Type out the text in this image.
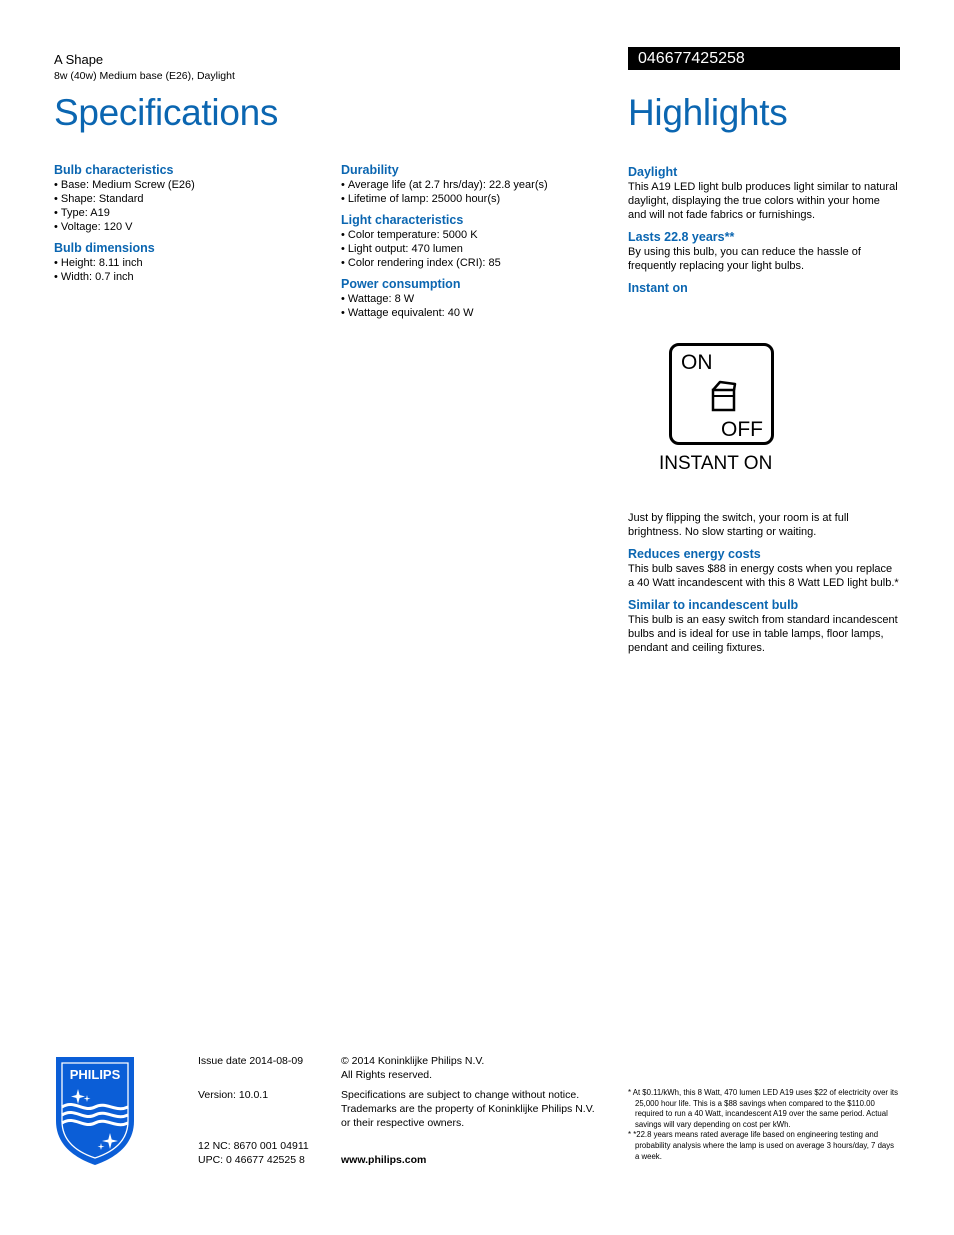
A Shape
8w (40w) Medium base (E26), Daylight
046677425258
Specifications	Highlights
Bulb characteristics
• Base: Medium Screw (E26)
• Shape: Standard
• Type: A19
• Voltage: 120 V
Bulb dimensions
• Height: 8.11 inch
• Width: 0.7 inch
Durability
• Average life (at 2.7 hrs/day): 22.8 year(s)
• Lifetime of lamp: 25000 hour(s)
Light characteristics
• Color temperature: 5000 K
• Light output: 470 lumen
• Color rendering index (CRI): 85
Power consumption
• Wattage: 8 W
• Wattage equivalent: 40 W
Daylight
This A19 LED light bulb produces light similar to natural daylight, displaying the true colors within your home and will not fade fabrics or furnishings.
Lasts 22.8 years**
By using this bulb, you can reduce the hassle of frequently replacing your light bulbs.
Instant on
ON
OFF
INSTANT ON
Just by flipping the switch, your room is at full brightness. No slow starting or waiting.
Reduces energy costs
This bulb saves $88 in energy costs when you replace a 40 Watt incandescent with this 8 Watt LED light bulb.*
Similar to incandescent bulb
This bulb is an easy switch from standard incandescent bulbs and is ideal for use in table lamps, floor lamps, pendant and ceiling fixtures.
PHILIPS
Issue date 2014-08-09
Version: 10.0.1
12 NC: 8670 001 04911
UPC: 0 46677 42525 8
© 2014 Koninklijke Philips N.V.
All Rights reserved.
Specifications are subject to change without notice.
Trademarks are the property of Koninklijke Philips N.V.
or their respective owners.
www.philips.com

* At $0.11/kWh, this 8 Watt, 470 lumen LED A19 uses $22 of electricity over its 25,000 hour life. This is a $88 savings when compared to the $110.00 required to run a 40 Watt, incandescent A19 over the same period. Actual savings will vary depending on cost per kWh.

* *22.8 years means rated average life based on engineering testing and probability analysis where the lamp is used on average 3 hours/day, 7 days a week.
